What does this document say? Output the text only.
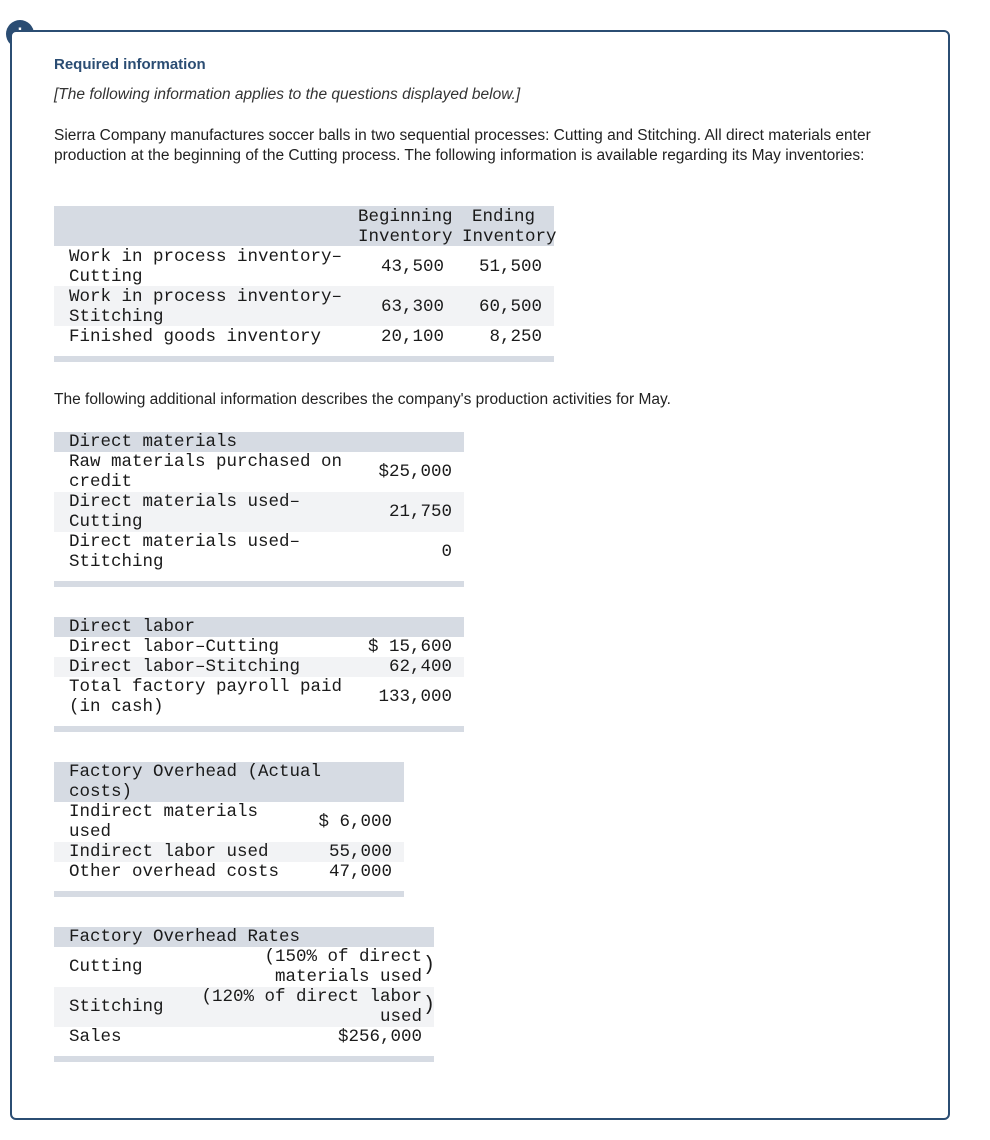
Required information
[The following information applies to the questions displayed below.]
Sierra Company manufactures soccer balls in two sequential processes: Cutting and Stitching. All direct materials enter production at the beginning of the Cutting process. The following information is available regarding its May inventories:
Beginning
Inventory
Ending
Inventory
Work in process inventory–
Cutting	43,500	51,500
Work in process inventory–
Stitching	63,300	60,500
Finished goods inventory	20,100	8,250
The following additional information describes the company's production activities for May.
Direct materials
Raw materials purchased on
credit	$25,000
Direct materials used–
Cutting	21,750
Direct materials used–
Stitching	0
Direct labor
Direct labor–Cutting	$ 15,600
Direct labor–Stitching	62,400
Total factory payroll paid
(in cash)	133,000
Factory Overhead (Actual
costs)
Indirect materials
used	$ 6,000
Indirect labor used	55,000
Other overhead costs	47,000
Factory Overhead Rates
Cutting	(150% of direct
materials used )
Stitching	(120% of direct labor
used )
Sales	$256,000
